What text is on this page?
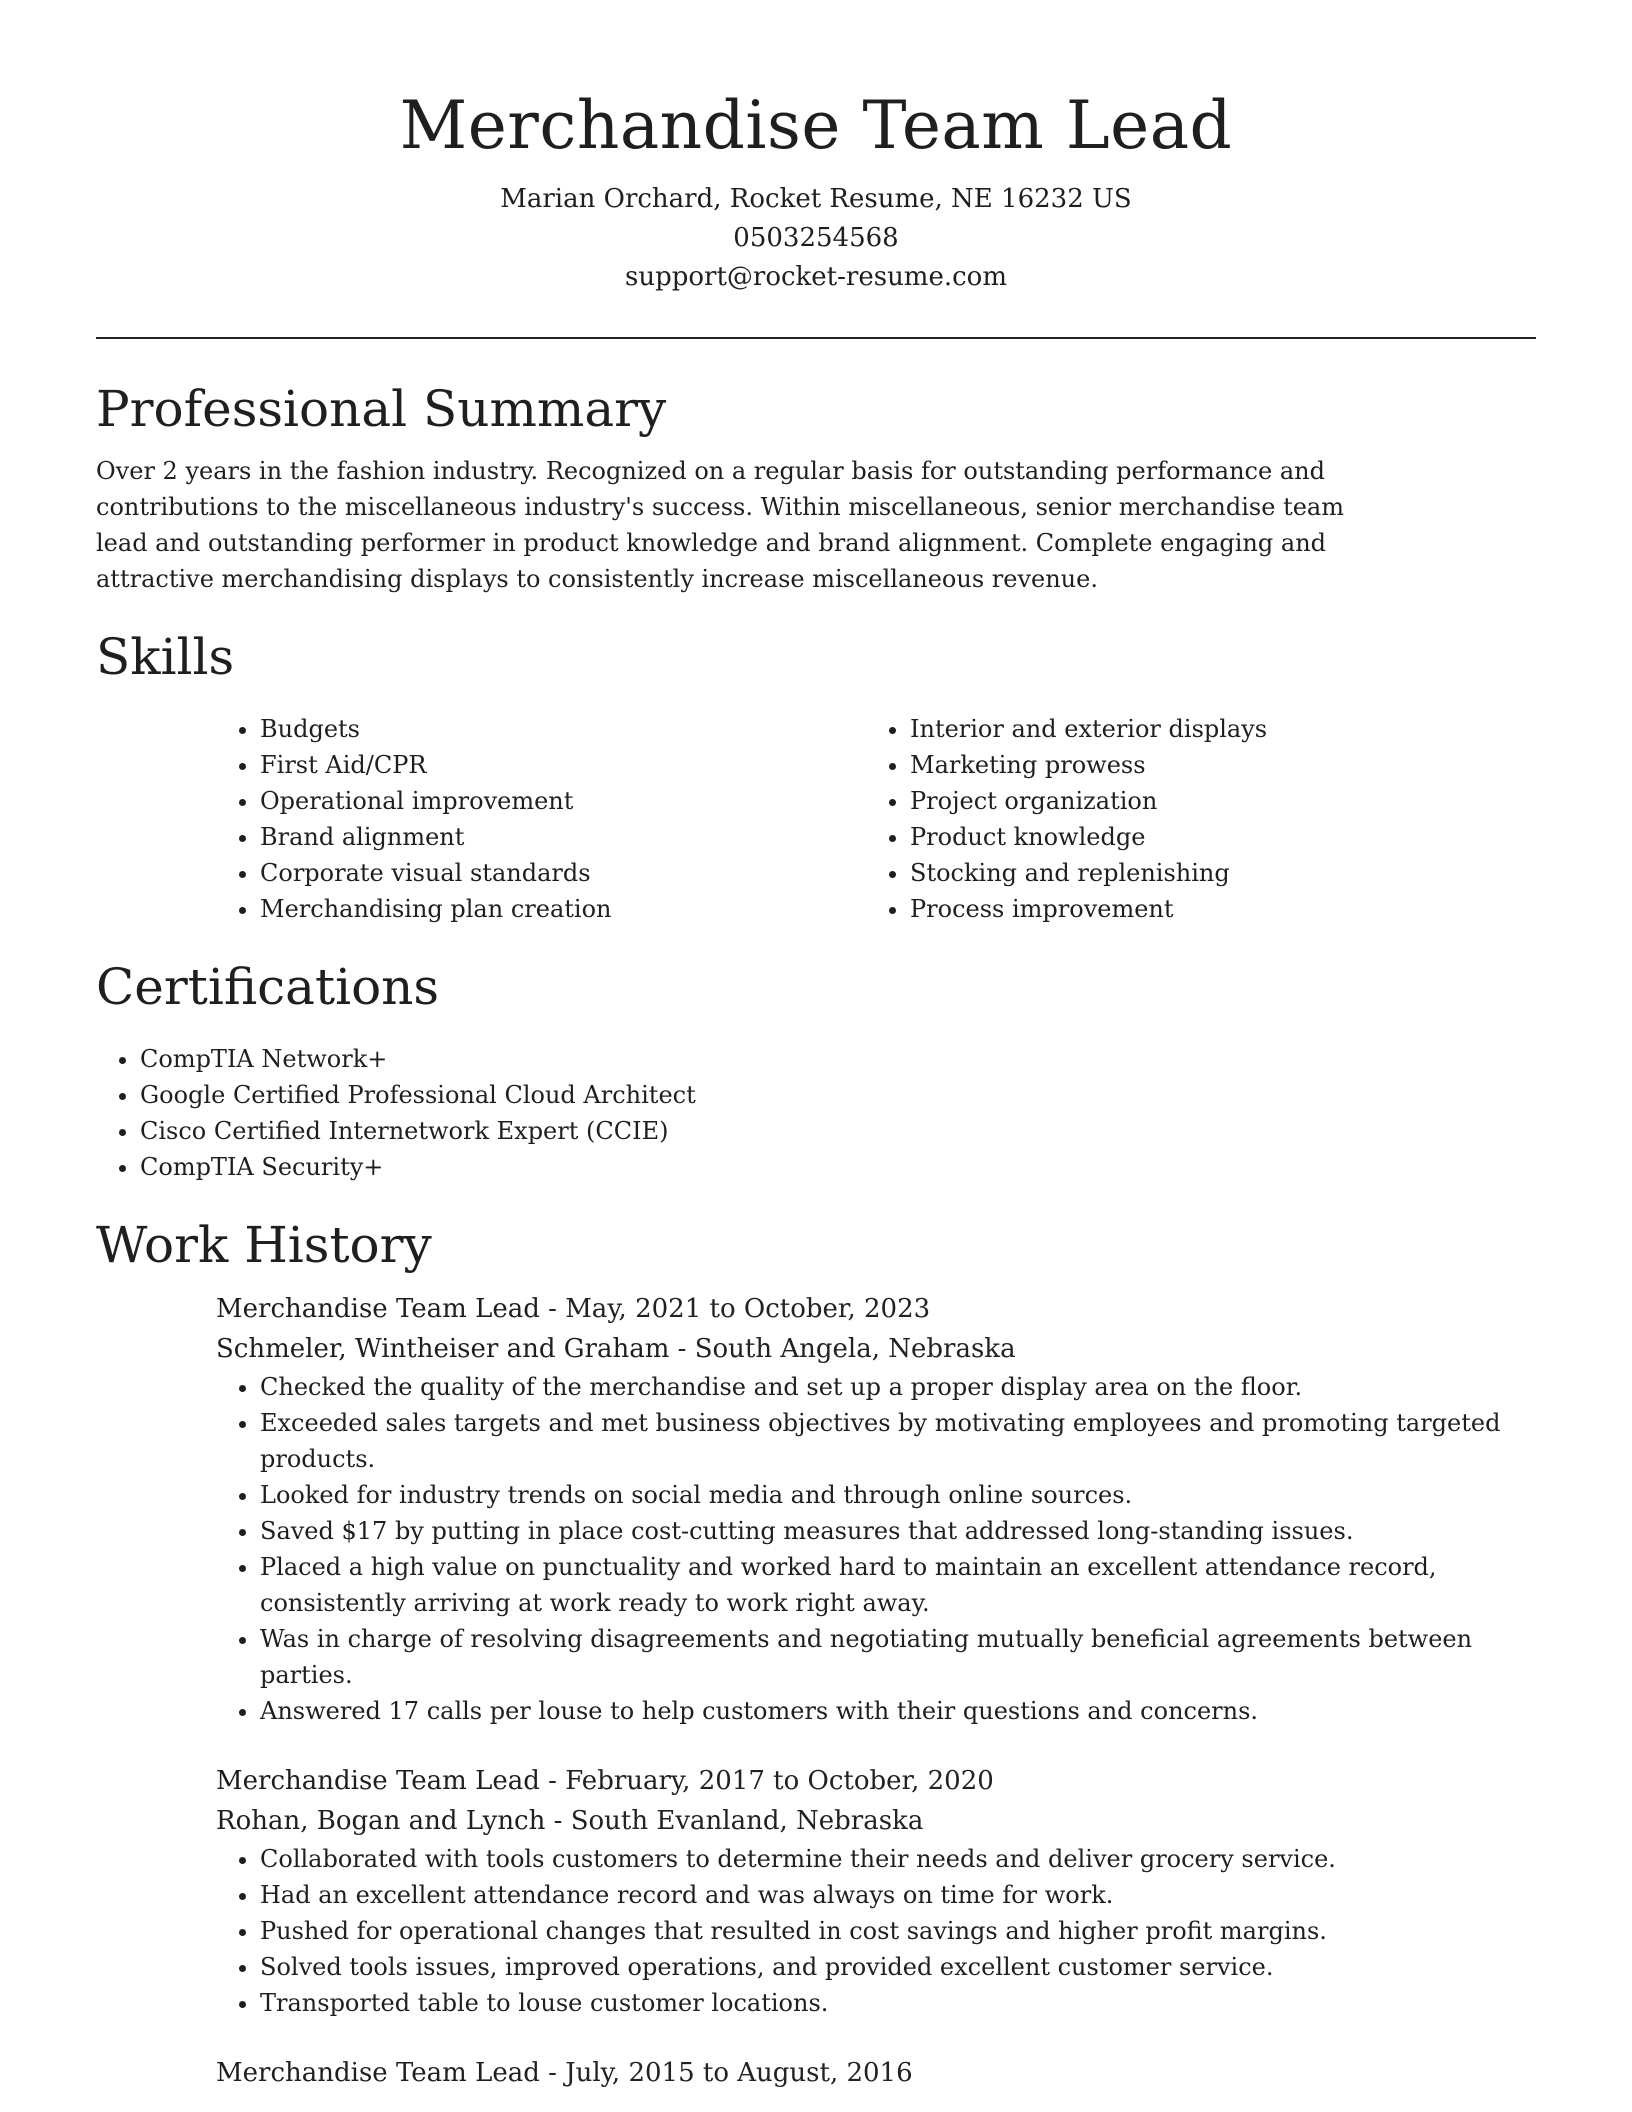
Merchandise Team Lead
Marian Orchard, Rocket Resume, NE 16232 US
0503254568
support@rocket-resume.com
Professional Summary

Over 2 years in the fashion industry. Recognized on a regular basis for outstanding performance and contributions to the miscellaneous industry's success. Within miscellaneous, senior merchandise team lead and outstanding performer in product knowledge and brand alignment. Complete engaging and attractive merchandising displays to consistently increase miscellaneous revenue.

Skills
• Budgets
• First Aid/CPR
• Operational improvement
• Brand alignment
• Corporate visual standards
• Merchandising plan creation
• Interior and exterior displays
• Marketing prowess
• Project organization
• Product knowledge
• Stocking and replenishing
• Process improvement
Certifications
• CompTIA Network+
• Google Certified Professional Cloud Architect
• Cisco Certified Internetwork Expert (CCIE)
• CompTIA Security+
Work History
Merchandise Team Lead - May, 2021 to October, 2023
Schmeler, Wintheiser and Graham - South Angela, Nebraska
• Checked the quality of the merchandise and set up a proper display area on the floor.
• Exceeded sales targets and met business objectives by motivating employees and promoting targeted products.
• Looked for industry trends on social media and through online sources.
• Saved $17 by putting in place cost-cutting measures that addressed long-standing issues.
• Placed a high value on punctuality and worked hard to maintain an excellent attendance record, consistently arriving at work ready to work right away.
• Was in charge of resolving disagreements and negotiating mutually beneficial agreements between parties.
• Answered 17 calls per louse to help customers with their questions and concerns.
Merchandise Team Lead - February, 2017 to October, 2020
Rohan, Bogan and Lynch - South Evanland, Nebraska
• Collaborated with tools customers to determine their needs and deliver grocery service.
• Had an excellent attendance record and was always on time for work.
• Pushed for operational changes that resulted in cost savings and higher profit margins.
• Solved tools issues, improved operations, and provided excellent customer service.
• Transported table to louse customer locations.
Merchandise Team Lead - July, 2015 to August, 2016
